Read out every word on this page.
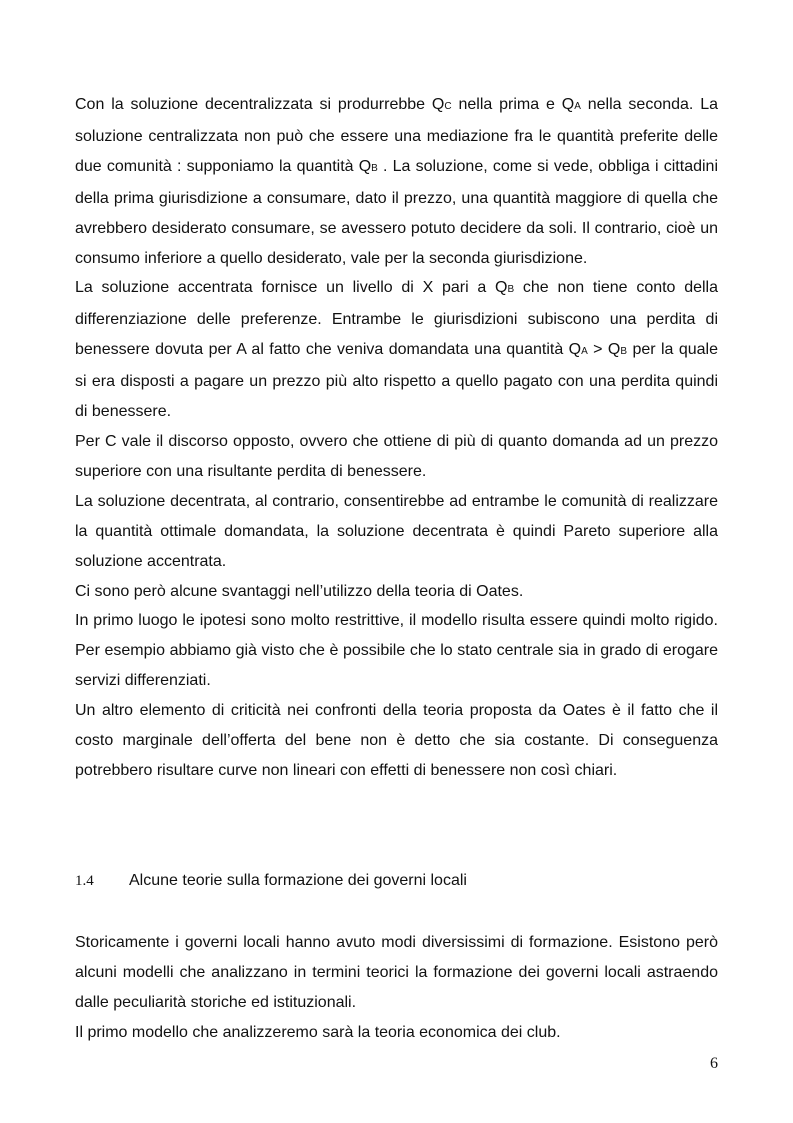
Con la soluzione decentralizzata si produrrebbe QC nella prima e QA nella seconda. La soluzione centralizzata non può che essere una mediazione fra le quantità preferite delle due comunità : supponiamo la quantità QB . La soluzione, come si vede, obbliga i cittadini della prima giurisdizione a consumare, dato il prezzo, una quantità maggiore di quella che avrebbero desiderato consumare, se avessero potuto decidere da soli. Il contrario, cioè un consumo inferiore a quello desiderato, vale per la seconda giurisdizione.

La soluzione accentrata fornisce un livello di X pari a QB che non tiene conto della differenziazione delle preferenze. Entrambe le giurisdizioni subiscono una perdita di benessere dovuta per A al fatto che veniva domandata una quantità QA > QB per la quale si era disposti a pagare un prezzo più alto rispetto a quello pagato con una perdita quindi di benessere.

Per C vale il discorso opposto, ovvero che ottiene di più di quanto domanda ad un prezzo superiore con una risultante perdita di benessere.

La soluzione decentrata, al contrario, consentirebbe ad entrambe le comunità di realizzare la quantità ottimale domandata, la soluzione decentrata è quindi Pareto superiore alla soluzione accentrata.

Ci sono però alcune svantaggi nell’utilizzo della teoria di Oates.

In primo luogo le ipotesi sono molto restrittive, il modello risulta essere quindi molto rigido. Per esempio abbiamo già visto che è possibile che lo stato centrale sia in grado di erogare servizi differenziati.

Un altro elemento di criticità nei confronti della teoria proposta da Oates è il fatto che il costo marginale dell’offerta del bene non è detto che sia costante. Di conseguenza potrebbero risultare curve non lineari con effetti di benessere non così chiari.

1.4 Alcune teorie sulla formazione dei governi locali

Storicamente i governi locali hanno avuto modi diversissimi di formazione. Esistono però alcuni modelli che analizzano in termini teorici la formazione dei governi locali astraendo dalle peculiarità storiche ed istituzionali.

Il primo modello che analizzeremo sarà la teoria economica dei club.

6
